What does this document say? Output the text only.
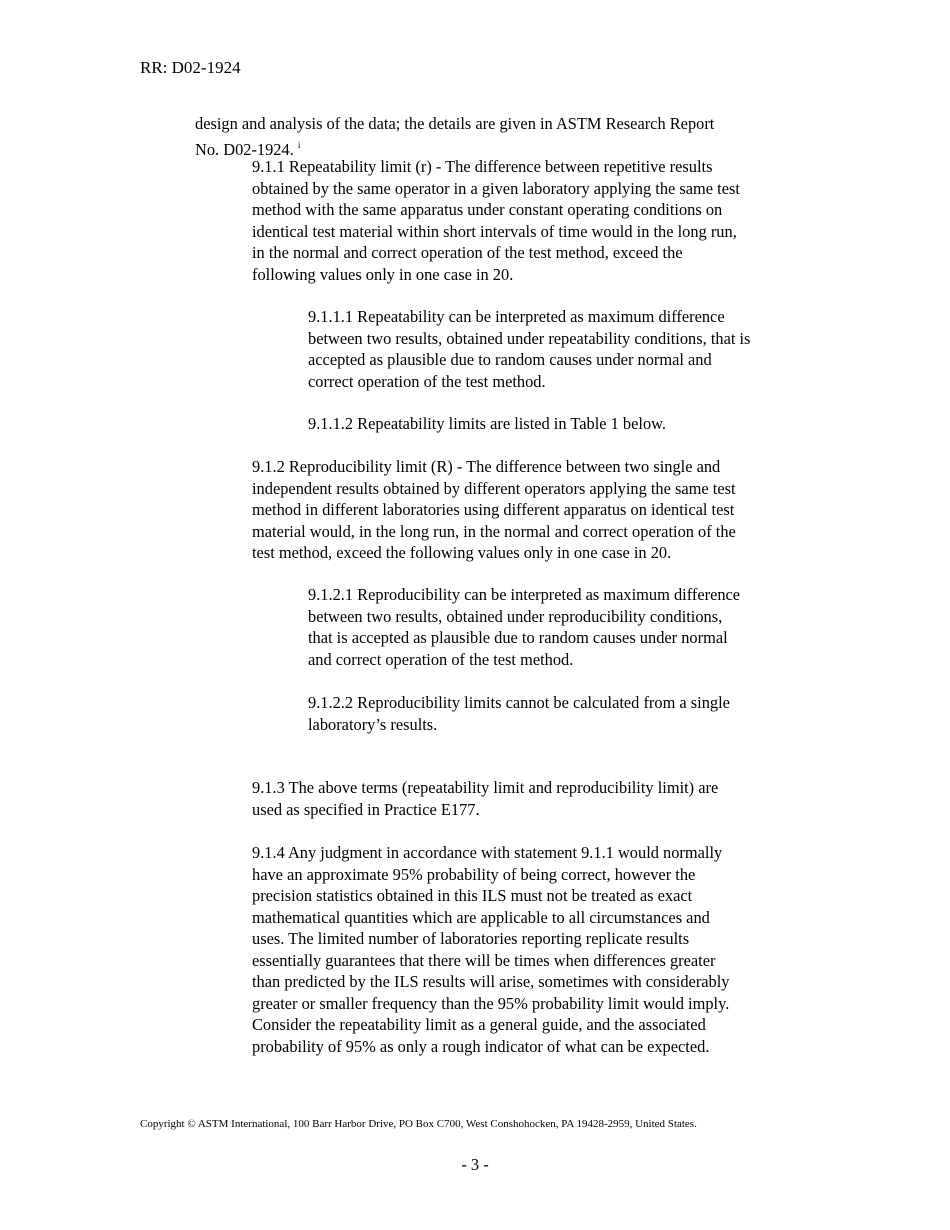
RR: D02-1924
design and analysis of the data; the details are given in ASTM Research Report
No. D02-1924. $^i$
9.1.1 Repeatability limit (r) - The difference between repetitive results
obtained by the same operator in a given laboratory applying the same test
method with the same apparatus under constant operating conditions on
identical test material within short intervals of time would in the long run,
in the normal and correct operation of the test method, exceed the
following values only in one case in 20.
9.1.1.1 Repeatability can be interpreted as maximum difference
between two results, obtained under repeatability conditions, that is
accepted as plausible due to random causes under normal and
correct operation of the test method.
9.1.1.2 Repeatability limits are listed in Table 1 below.
9.1.2 Reproducibility limit (R) - The difference between two single and
independent results obtained by different operators applying the same test
method in different laboratories using different apparatus on identical test
material would, in the long run, in the normal and correct operation of the
test method, exceed the following values only in one case in 20.
9.1.2.1 Reproducibility can be interpreted as maximum difference
between two results, obtained under reproducibility conditions,
that is accepted as plausible due to random causes under normal
and correct operation of the test method.
9.1.2.2 Reproducibility limits cannot be calculated from a single
laboratory’s results.
9.1.3 The above terms (repeatability limit and reproducibility limit) are
used as specified in Practice E177.
9.1.4 Any judgment in accordance with statement 9.1.1 would normally
have an approximate 95% probability of being correct, however the
precision statistics obtained in this ILS must not be treated as exact
mathematical quantities which are applicable to all circumstances and
uses. The limited number of laboratories reporting replicate results
essentially guarantees that there will be times when differences greater
than predicted by the ILS results will arise, sometimes with considerably
greater or smaller frequency than the 95% probability limit would imply.
Consider the repeatability limit as a general guide, and the associated
probability of 95% as only a rough indicator of what can be expected.
Copyright © ASTM International, 100 Barr Harbor Drive, PO Box C700, West Conshohocken, PA 19428-2959, United States.
- 3 -
